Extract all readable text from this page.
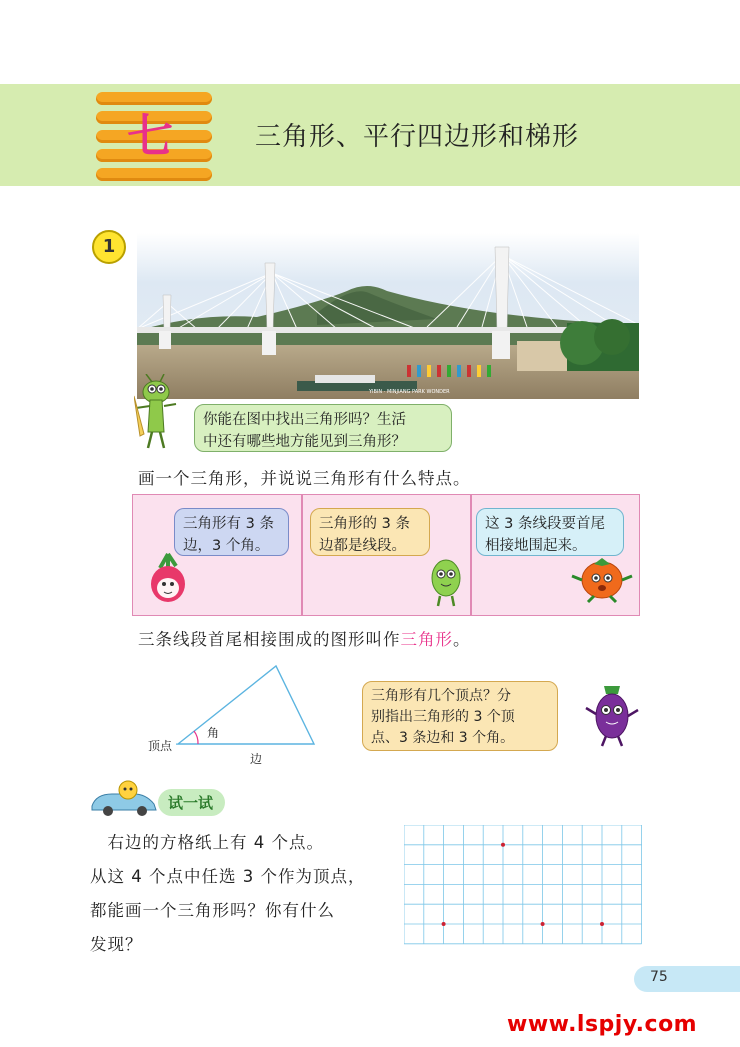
七	三角形、平行四边形和梯形
1
YIBIN · MINJIANG PARK WONDER
你能在图中找出三角形吗？生活
中还有哪些地方能见到三角形？
画一个三角形，并说说三角形有什么特点。
三角形有 3 条
边，3 个角。
三角形的 3 条
边都是线段。
这 3 条线段要首尾
相接地围起来。
三条线段首尾相接围成的图形叫作三角形。
顶点
角
边
三角形有几个顶点？分
别指出三角形的 3 个顶
点、3 条边和 3 个角。
试一试
　右边的方格纸上有 4 个点。
从这 4 个点中任选 3 个作为顶点，
都能画一个三角形吗？你有什么
发现？
75
www.lspjy.com
